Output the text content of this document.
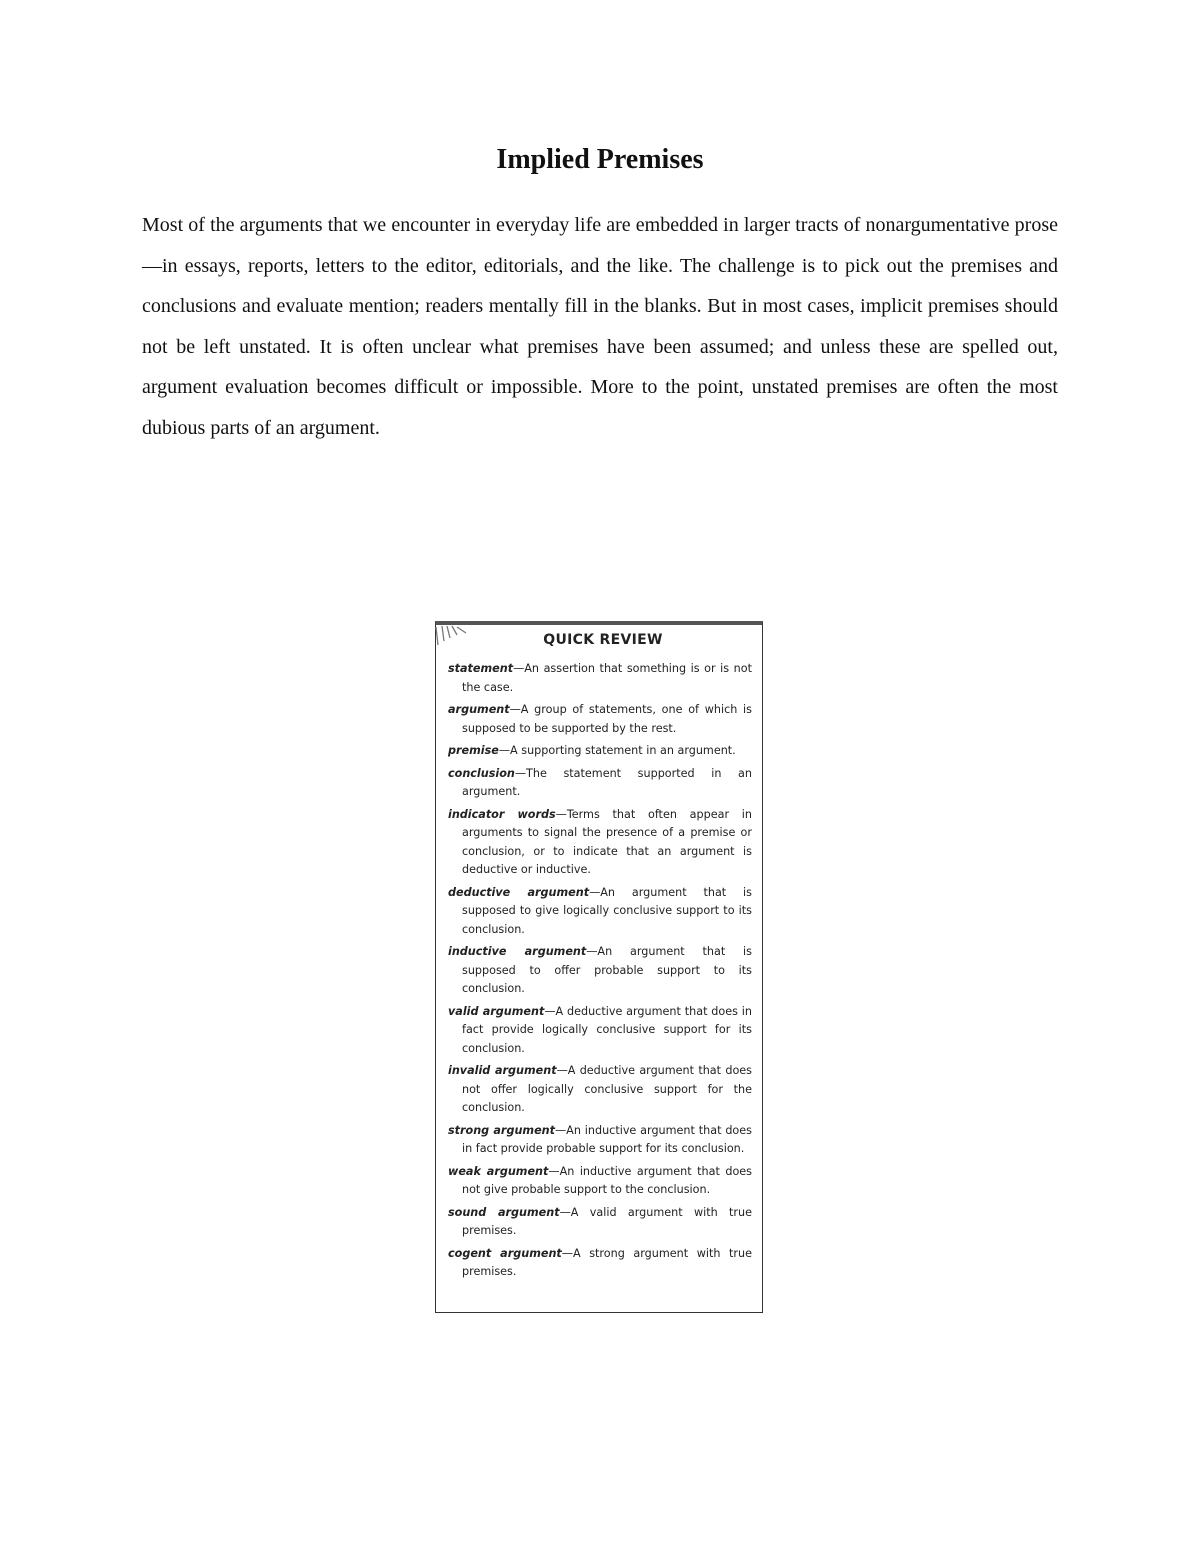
Implied Premises

Most of the arguments that we encounter in everyday life are embedded in larger tracts of nonargumentative prose—in essays, reports, letters to the editor, editorials, and the like. The challenge is to pick out the premises and conclusions and evaluate mention; readers mentally fill in the blanks. But in most cases, implicit premises should not be left unstated. It is often unclear what premises have been assumed; and unless these are spelled out, argument evaluation becomes difficult or impossible. More to the point, unstated premises are often the most dubious parts of an argument.

QUICK REVIEW
statement—An assertion that something is or is not the case.
argument—A group of statements, one of which is supposed to be supported by the rest.
premise—A supporting statement in an argument.
conclusion—The statement supported in an argument.
indicator words—Terms that often appear in arguments to signal the presence of a premise or conclusion, or to indicate that an argument is deductive or inductive.
deductive argument—An argument that is supposed to give logically conclusive support to its conclusion.
inductive argument—An argument that is supposed to offer probable support to its conclusion.
valid argument—A deductive argument that does in fact provide logically conclusive support for its conclusion.
invalid argument—A deductive argument that does not offer logically conclusive support for the conclusion.
strong argument—An inductive argument that does in fact provide probable support for its conclusion.
weak argument—An inductive argument that does not give probable support to the conclusion.
sound argument—A valid argument with true premises.
cogent argument—A strong argument with true premises.
